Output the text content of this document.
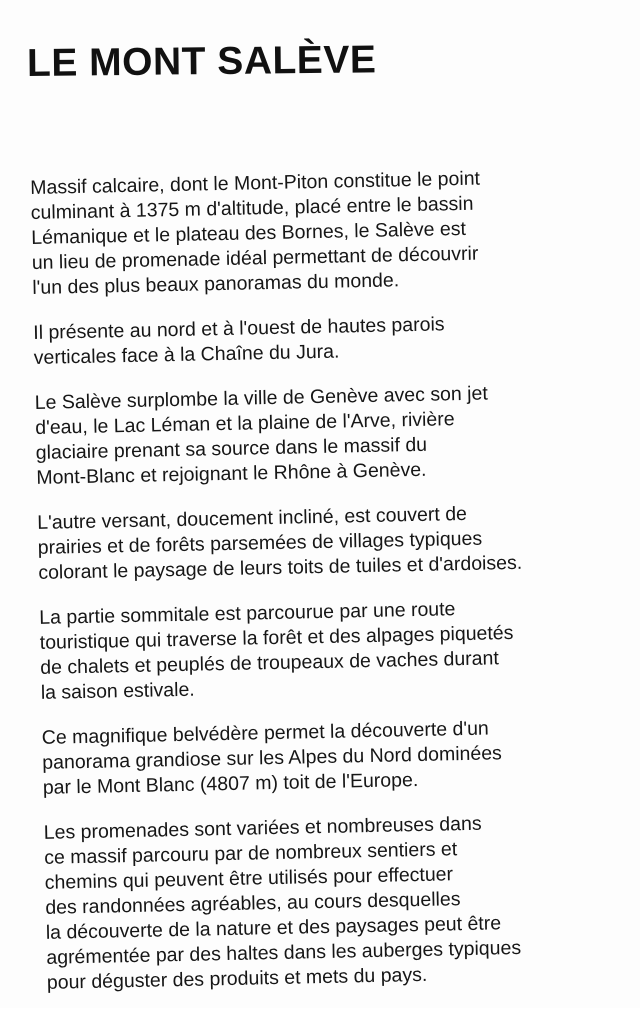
LE MONT SALÈVE

Massif calcaire, dont le Mont-Piton constitue le point
culminant à 1375 m d'altitude, placé entre le bassin
Lémanique et le plateau des Bornes, le Salève est
un lieu de promenade idéal permettant de découvrir
l'un des plus beaux panoramas du monde.

Il présente au nord et à l'ouest de hautes parois
verticales face à la Chaîne du Jura.

Le Salève surplombe la ville de Genève avec son jet
d'eau, le Lac Léman et la plaine de l'Arve, rivière
glaciaire prenant sa source dans le massif du
Mont-Blanc et rejoignant le Rhône à Genève.

L'autre versant, doucement incliné, est couvert de
prairies et de forêts parsemées de villages typiques
colorant le paysage de leurs toits de tuiles et d'ardoises.

La partie sommitale est parcourue par une route
touristique qui traverse la forêt et des alpages piquetés
de chalets et peuplés de troupeaux de vaches durant
la saison estivale.

Ce magnifique belvédère permet la découverte d'un
panorama grandiose sur les Alpes du Nord dominées
par le Mont Blanc (4807 m) toit de l'Europe.

Les promenades sont variées et nombreuses dans
ce massif parcouru par de nombreux sentiers et
chemins qui peuvent être utilisés pour effectuer
des randonnées agréables, au cours desquelles
la découverte de la nature et des paysages peut être
agrémentée par des haltes dans les auberges typiques
pour déguster des produits et mets du pays.
